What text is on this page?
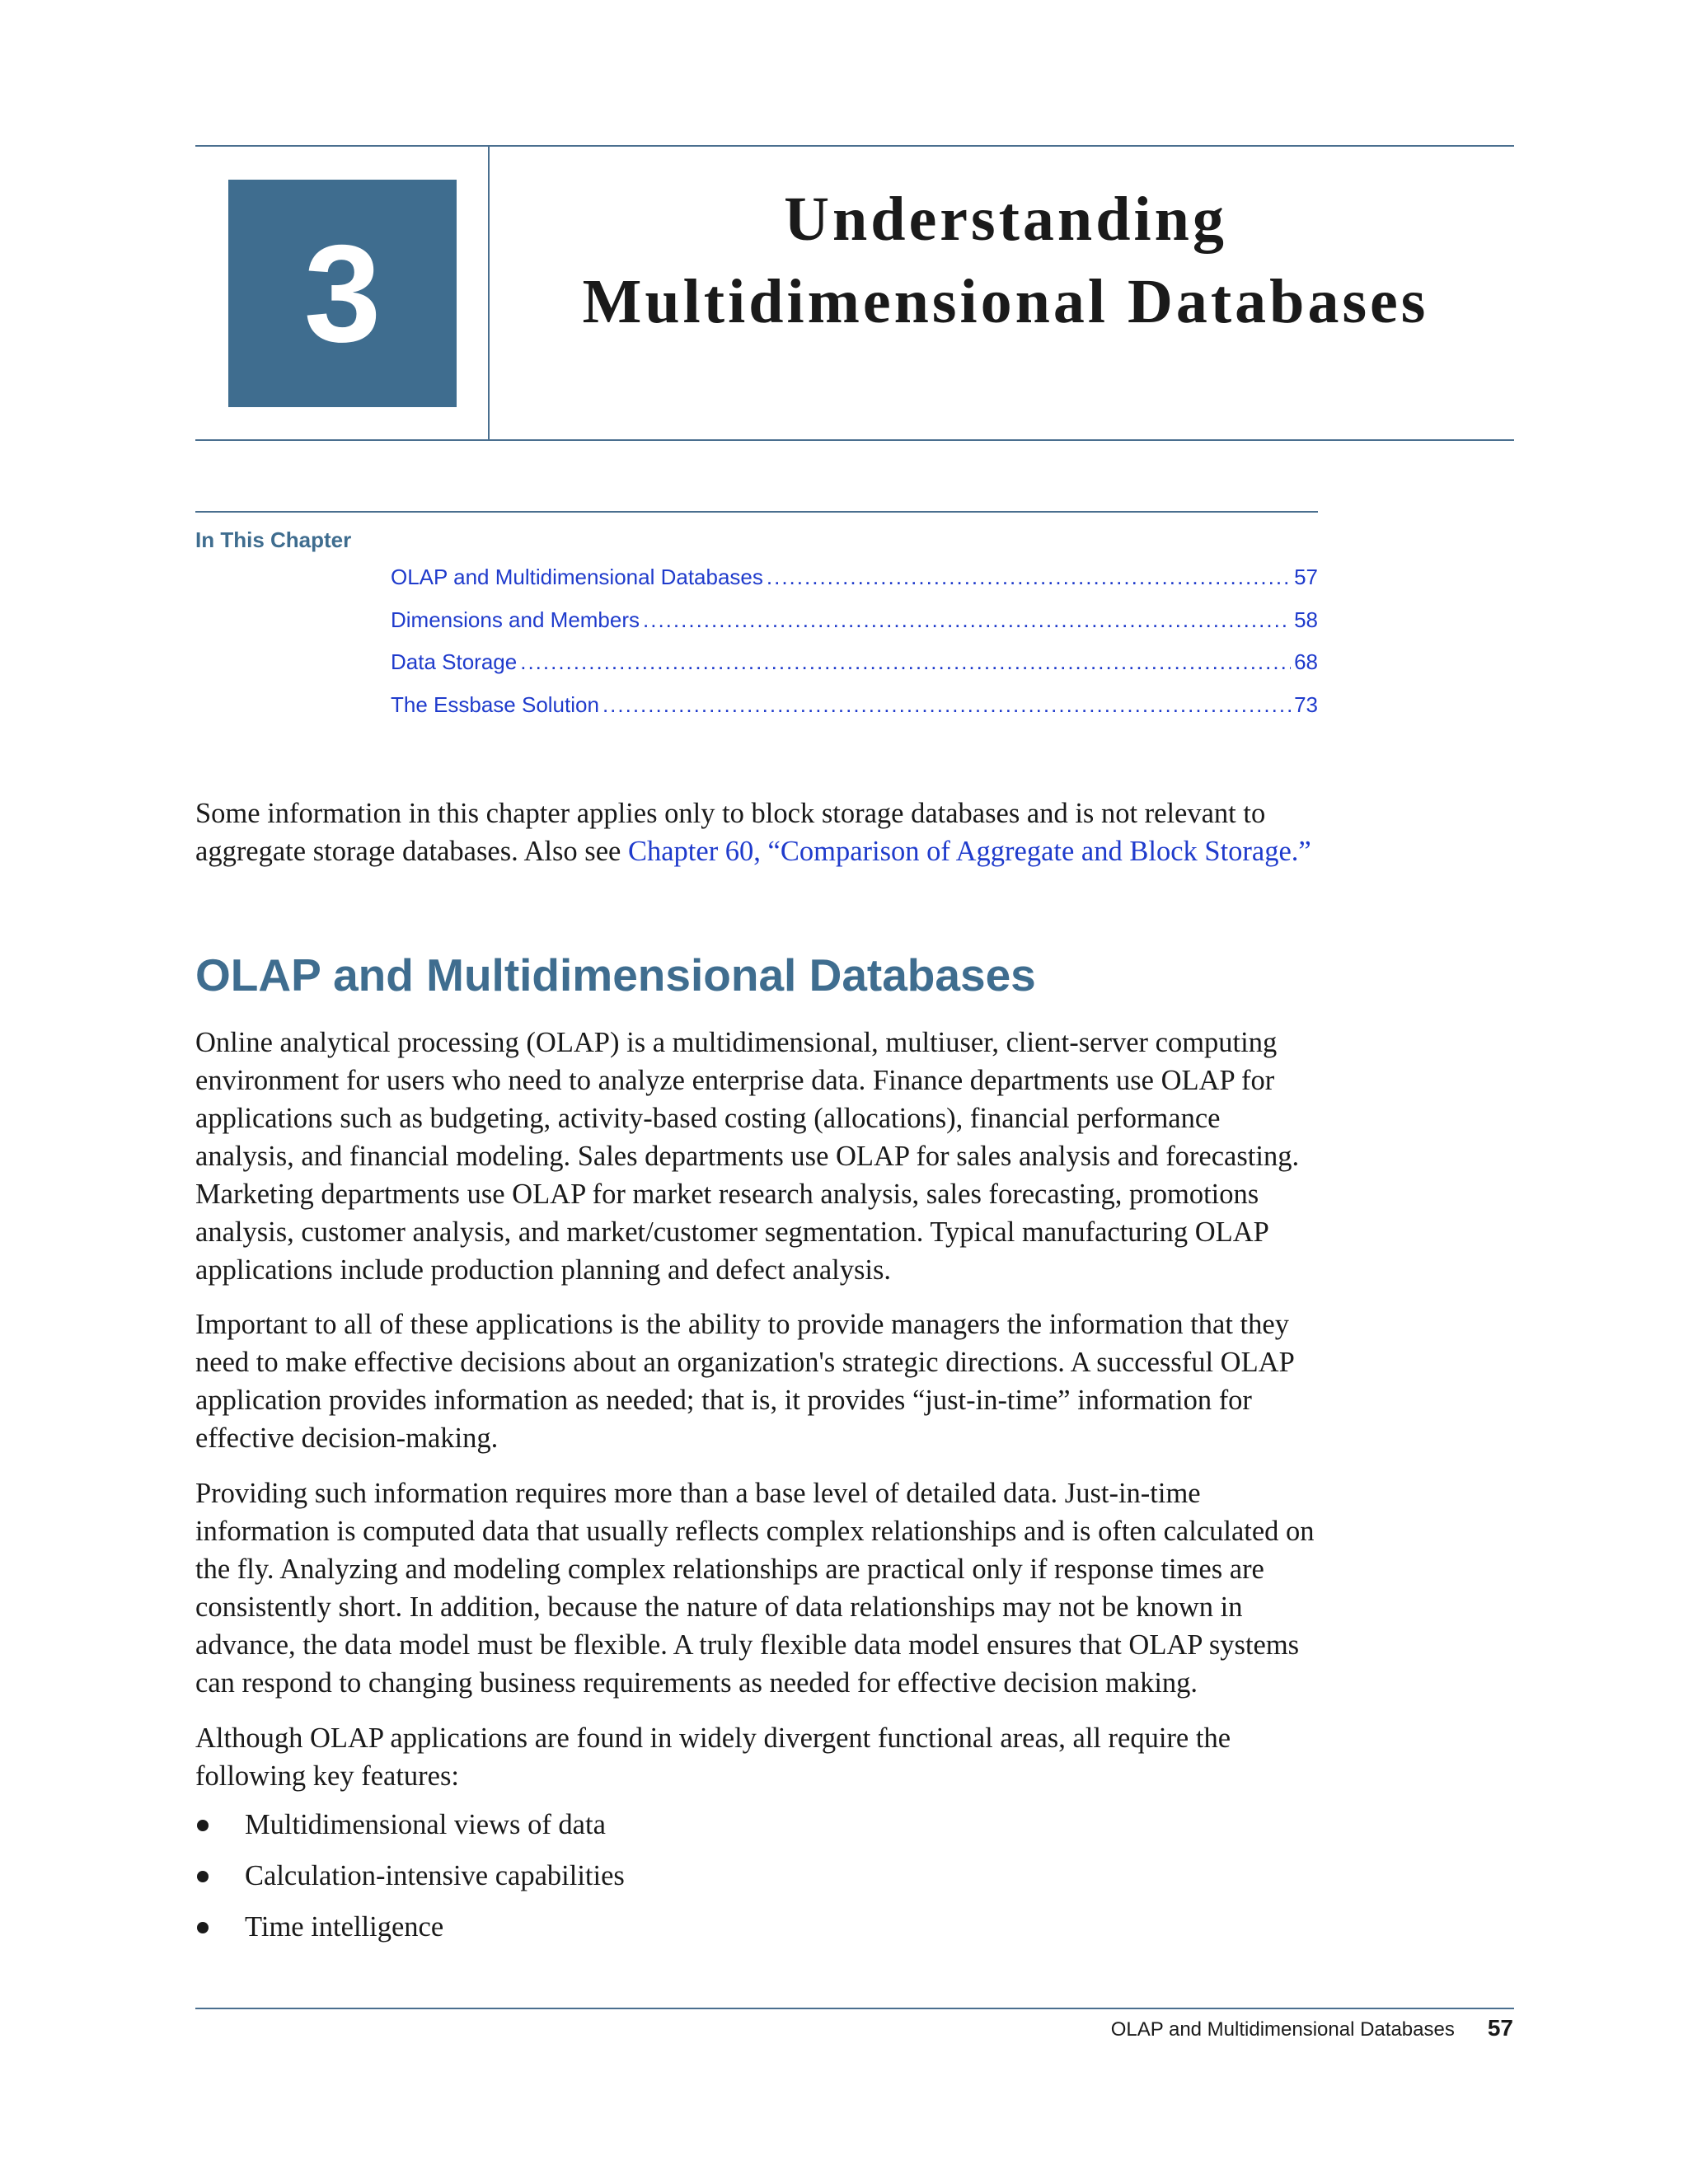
3	Understanding
Multidimensional Databases
In This Chapter
OLAP and Multidimensional Databases .....	57
Dimensions and Members .....	58
Data Storage .....	68
The Essbase Solution .....	73

Some information in this chapter applies only to block storage databases and is not relevant to aggregate storage databases. Also see Chapter 60, “Comparison of Aggregate and Block Storage.”

OLAP and Multidimensional Databases

Online analytical processing (OLAP) is a multidimensional, multiuser, client-server computing environment for users who need to analyze enterprise data. Finance departments use OLAP for applications such as budgeting, activity-based costing (allocations), financial performance analysis, and financial modeling. Sales departments use OLAP for sales analysis and forecasting. Marketing departments use OLAP for market research analysis, sales forecasting, promotions analysis, customer analysis, and market/customer segmentation. Typical manufacturing OLAP applications include production planning and defect analysis.

Important to all of these applications is the ability to provide managers the information that they need to make effective decisions about an organization's strategic directions. A successful OLAP application provides information as needed; that is, it provides “just-in-time” information for effective decision-making.

Providing such information requires more than a base level of detailed data. Just-in-time information is computed data that usually reflects complex relationships and is often calculated on the fly. Analyzing and modeling complex relationships are practical only if response times are consistently short. In addition, because the nature of data relationships may not be known in advance, the data model must be flexible. A truly flexible data model ensures that OLAP systems can respond to changing business requirements as needed for effective decision making.

Although OLAP applications are found in widely divergent functional areas, all require the following key features:

Multidimensional views of data
Calculation-intensive capabilities
Time intelligence
OLAP and Multidimensional Databases 57
